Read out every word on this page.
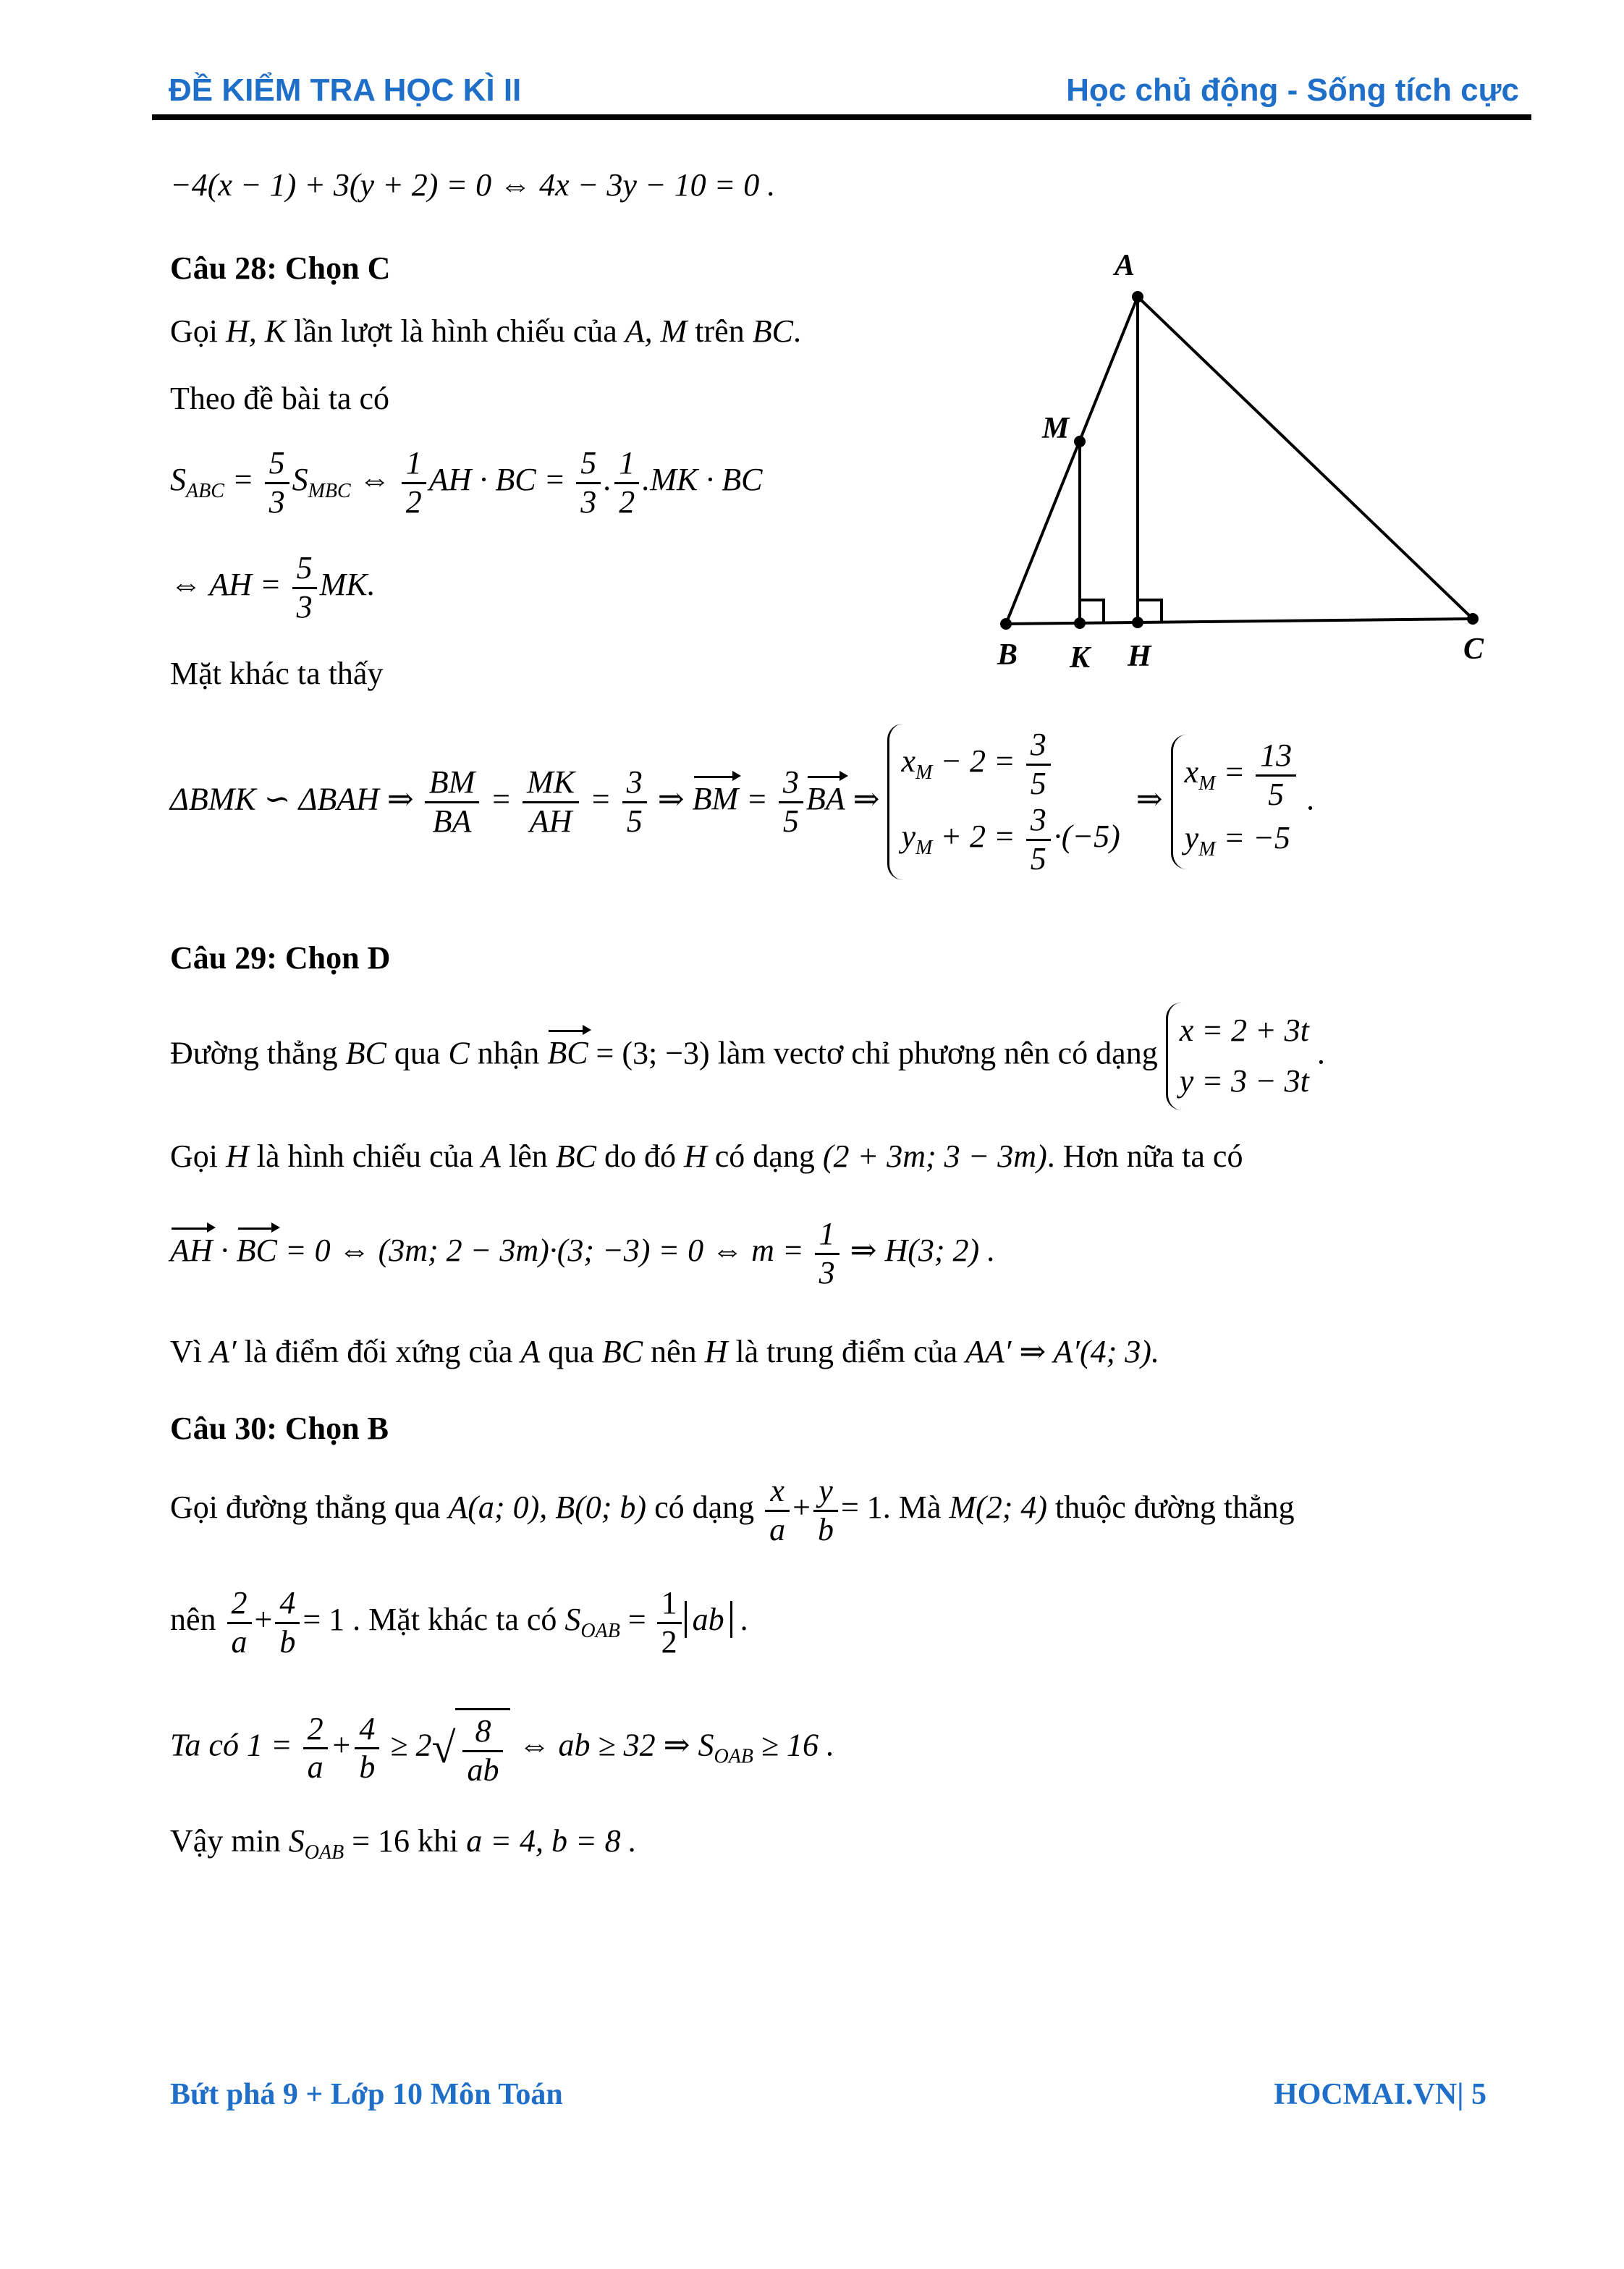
ĐỀ KIỂM TRA HỌC KÌ II	Học chủ động - Sống tích cực
−4(x − 1) + 3(y + 2) = 0 ⇔ 4x − 3y − 10 = 0 .
Câu 28: Chọn C
Gọi H, K lần lượt là hình chiếu của A, M trên BC.
Theo đề bài ta có
$S_{ABC} = \frac{5}{3} S_{MBC}$ ⇔ $\frac{1}{2}$ AH · BC = $\frac{5}{3}$ . $\frac{1}{2} .MK$ · BC
⇔ AH = $\frac{5}{3}$ MK.
Mặt khác ta thấy
ΔBMK ∽ ΔBAH ⇒ $\frac{BM}{BA} = \frac{MK}{AH} = \frac{3}{5}$ ⇒ BM = $\frac{3}{5}$ BA ⇒
$x_M - 2 = \frac{3}{5}$
$y_M + 2 = \frac{3}{5} \cdot(-5)$
⇒
$x_M = \frac{13}{5}$
$y_M = -5$
.
A
M
B K H	C
Câu 29: Chọn D
Đường thẳng BC qua C nhận BC = (3; −3) làm vectơ chỉ phương nên có dạng
x = 2 + 3t
y = 3 − 3t
.
Gọi H là hình chiếu của A lên BC do đó H có dạng (2 + 3m; 3 − 3m). Hơn nữa ta có
AH · BC = 0 ⇔ (3m; 2 − 3m)·(3; −3) = 0 ⇔ $m = \frac{1}{3}$ ⇒ H(3; 2) .
Vì A′ là điểm đối xứng của A qua BC nên H là trung điểm của AA′ ⇒ A′(4; 3).
Câu 30: Chọn B
Gọi đường thẳng qua A(a; 0), B(0; b) có dạng $\frac{x}{a} + \frac{y}{b} = 1$. Mà M(2; 4) thuộc đường thẳng
nên $\frac{2}{a} + \frac{4}{b} = 1$ . Mặt khác ta có $S_{OAB} = \frac{1}{2}$ ab .
Ta có $1 = \frac{2}{a} + \frac{4}{b} \ge 2√ \frac{8}{ab}$ ⇔ ab ≥ 32 ⇒ $S_{OAB} \ge 16$ .
Vậy $\min S_{OAB} = 16$ khi a = 4, b = 8 .
Bứt phá 9 + Lớp 10 Môn Toán	HOCMAI.VN| 5
